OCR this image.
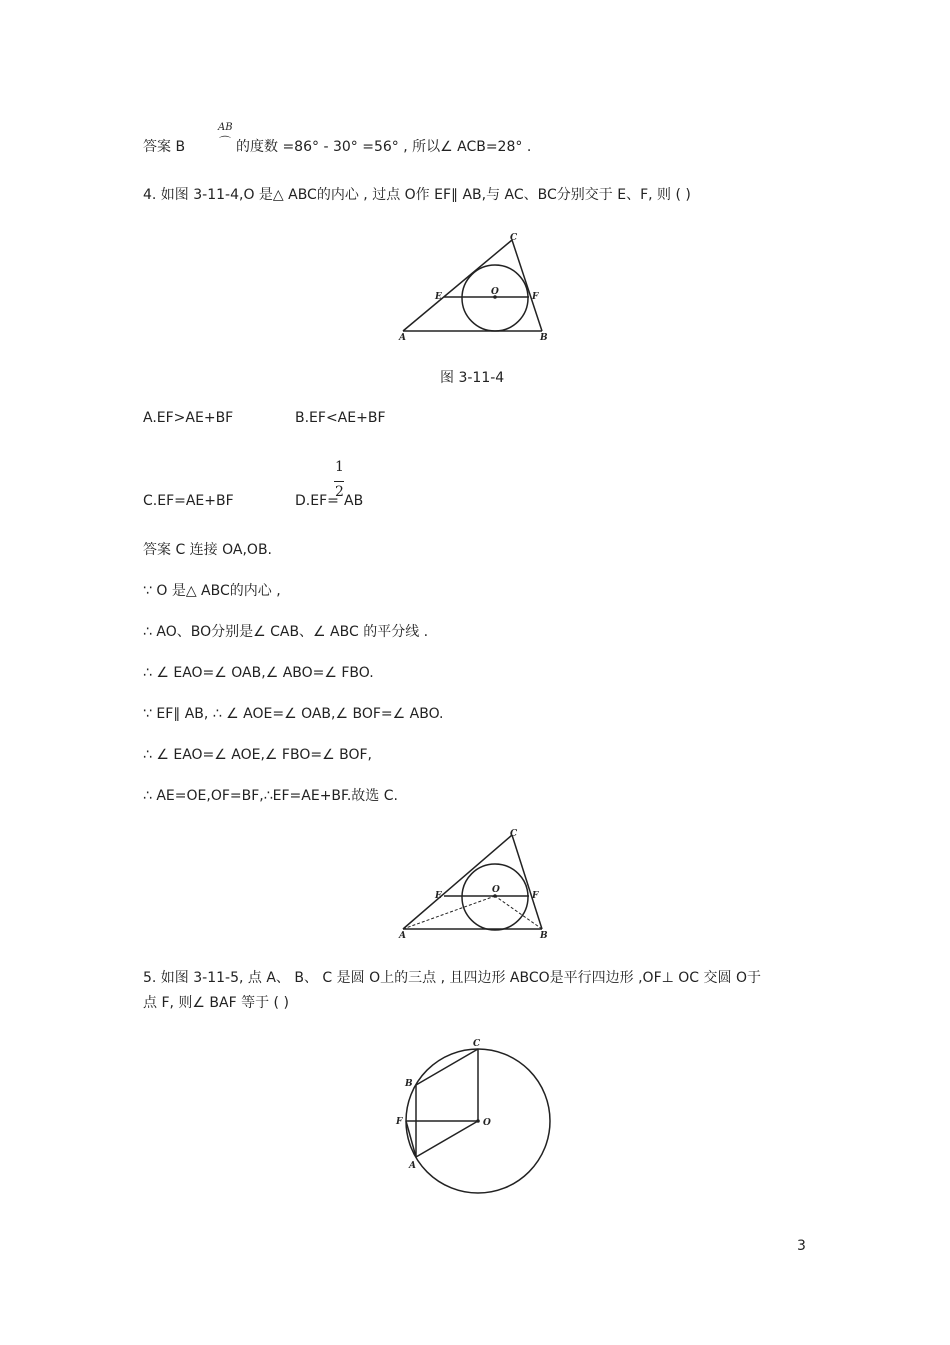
答案 B
AB
⌒ 的度数 =86° - 30° =56° , 所以∠ ACB=28° .
4. 如图 3-11-4,O 是△ ABC的内心 , 过点 O作 EF∥ AB,与 AC、BC分别交于 E、F, 则 ( )
C
E	O	F
A	B
图 3-11-4
A.EF>AE+BF	B.EF<AE+BF
C.EF=AE+BF	D.EF=
1
2
AB
答案 C 连接 OA,OB.
∵ O 是△ ABC的内心 ,
∴ AO、BO分别是∠ CAB、∠ ABC 的平分线 .
∴ ∠ EAO=∠ OAB,∠ ABO=∠ FBO.
∵ EF∥ AB, ∴ ∠ AOE=∠ OAB,∠ BOF=∠ ABO.
∴ ∠ EAO=∠ AOE,∠ FBO=∠ BOF,
∴ AE=OE,OF=BF,∴EF=AE+BF.故选 C.
C
E
O
F
A	B
5. 如图 3-11-5, 点 A、 B、 C 是圆 O上的三点 , 且四边形 ABCO是平行四边形 ,OF⊥ OC 交圆 O于
点 F, 则∠ BAF 等于 ( )
C
B
F	O
A
3
